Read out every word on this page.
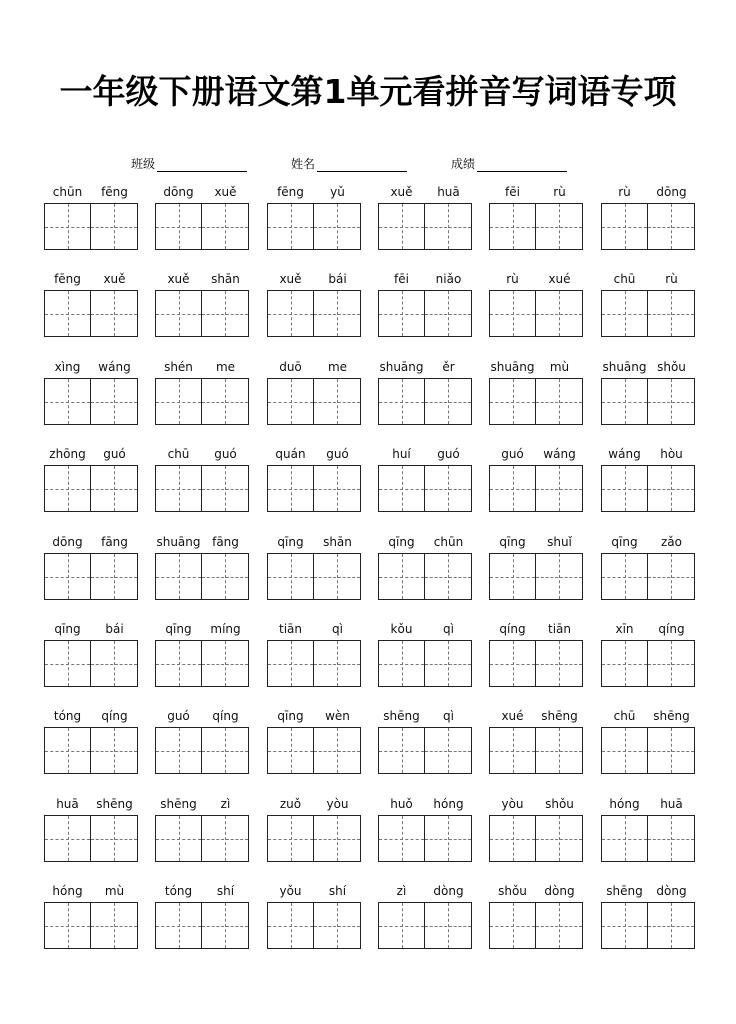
一年级下册语文第1单元看拼音写词语专项
班级	姓名	成绩
chūn	fēng	dōng	xuě	fēng	yǔ	xuě	huā	fēi	rù	rù	dōng
fēng	xuě	xuě	shān	xuě	bái	fēi	niǎo	rù	xué	chū	rù
xìng	wáng	shén	me	duō	me	shuāng	ěr	shuāng	mù	shuāng shǒu
zhōng	guó	chū	guó	quán	guó	huí	guó	guó	wáng	wáng	hòu
dōng	fāng	shuāng fāng	qīng	shān	qīng	chūn	qīng	shuǐ	qīng	zǎo
qīng	bái	qīng	míng	tiān	qì	kǒu	qì	qíng	tiān	xīn	qíng
tóng	qíng	guó	qíng	qīng	wèn	shēng	qì	xué	shēng	chū	shēng
huā	shēng	shēng	zì	zuǒ	yòu	huǒ	hóng	yòu	shǒu	hóng	huā
hóng	mù	tóng	shí	yǒu	shí	zì	dòng	shǒu	dòng	shēng	dòng
